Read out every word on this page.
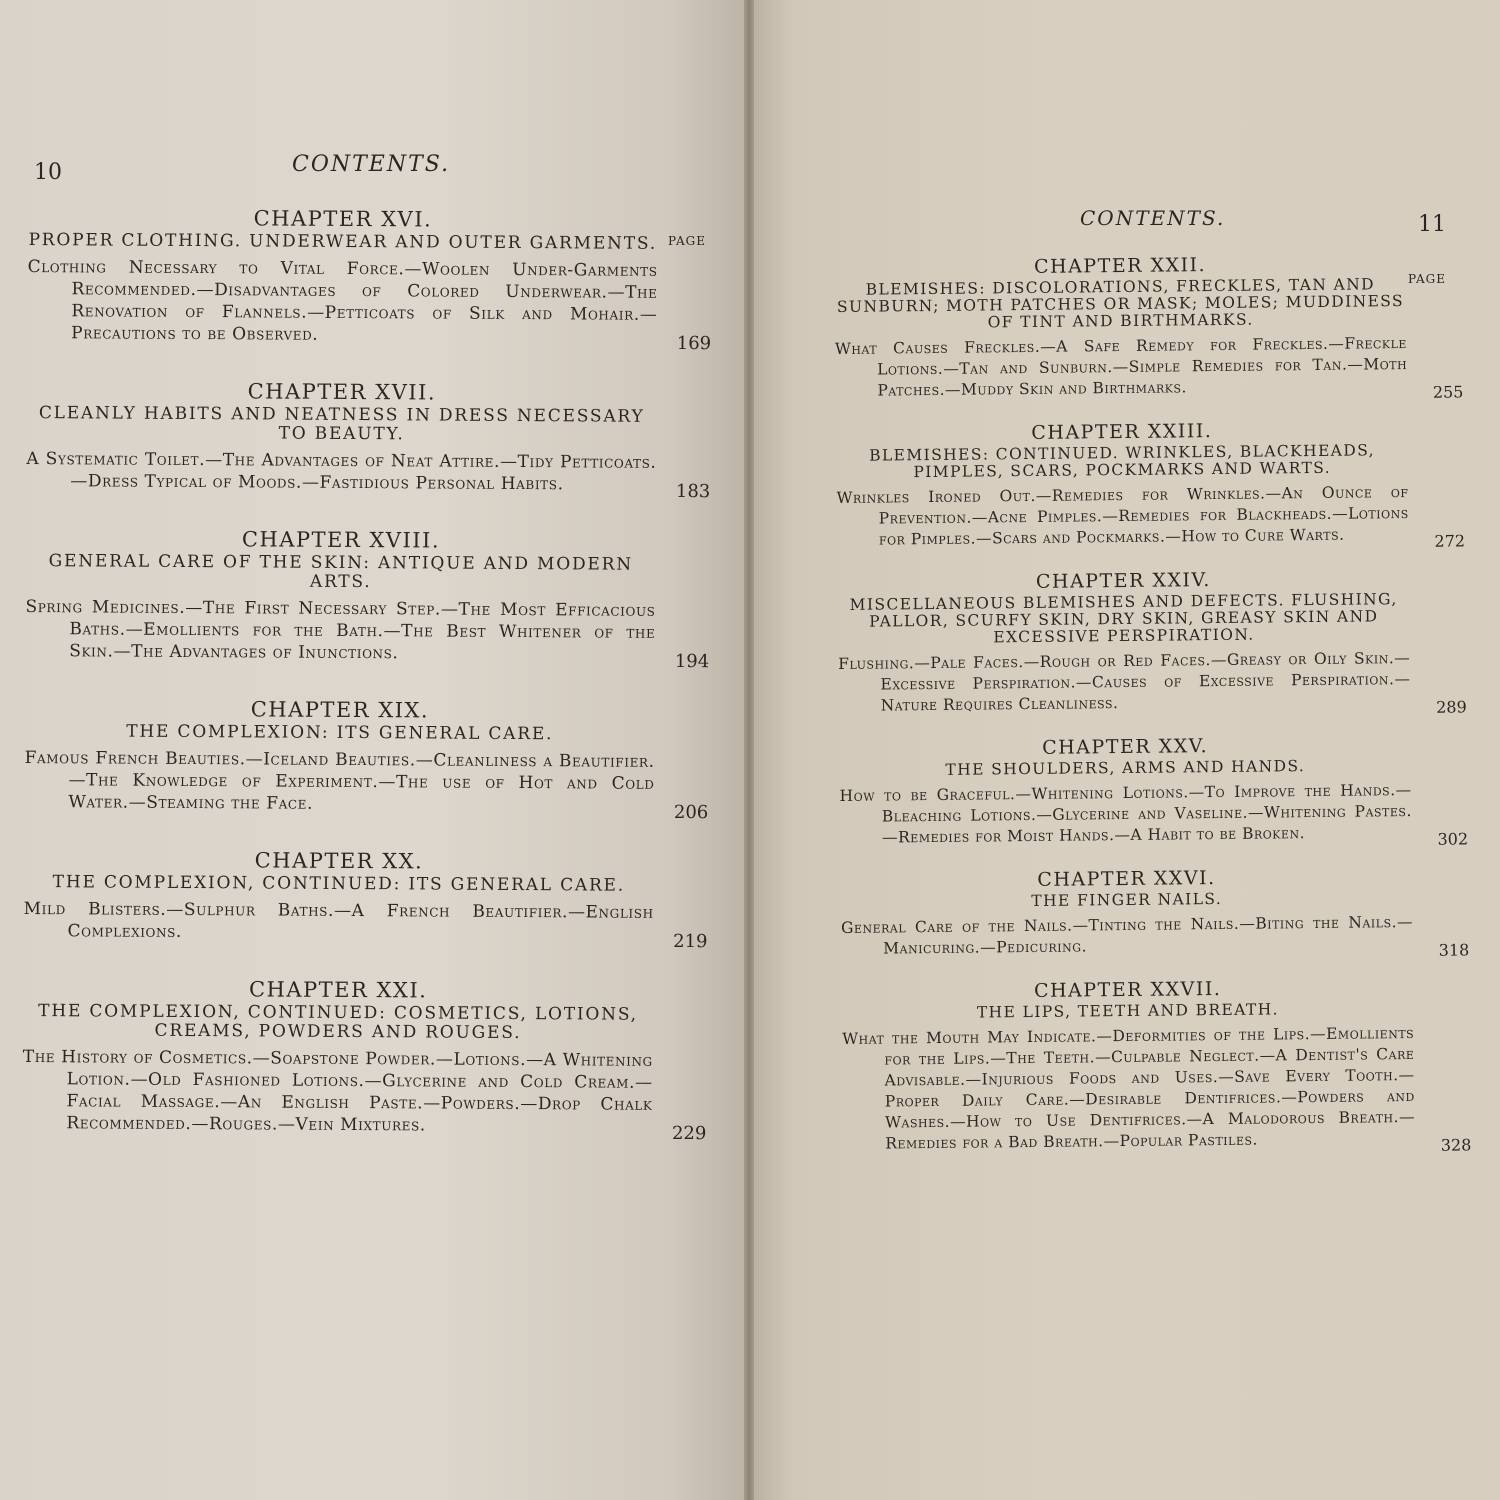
10	CONTENTS.
PAGE

CHAPTER XVI.

PROPER CLOTHING. UNDERWEAR AND OUTER GARMENTS.
Clothing Necessary to Vital Force.—Woolen Under-Garments Recommended.—Disadvantages of Colored Underwear.—The Renovation of Flannels.—Petticoats of Silk and Mohair.—Precautions to be Observed.	169

CHAPTER XVII.

CLEANLY HABITS AND NEATNESS IN DRESS NECESSARY TO BEAUTY.
A Systematic Toilet.—The Advantages of Neat Attire.—Tidy Petticoats.—Dress Typical of Moods.—Fastidious Personal Habits.	183

CHAPTER XVIII.

GENERAL CARE OF THE SKIN: ANTIQUE AND MODERN ARTS.
Spring Medicines.—The First Necessary Step.—The Most Efficacious Baths.—Emollients for the Bath.—The Best Whitener of the Skin.—The Advantages of Inunctions.	194

CHAPTER XIX.

THE COMPLEXION: ITS GENERAL CARE.
Famous French Beauties.—Iceland Beauties.—Cleanliness a Beautifier.—The Knowledge of Experiment.—The use of Hot and Cold Water.—Steaming the Face.	206

CHAPTER XX.

THE COMPLEXION, CONTINUED: ITS GENERAL CARE.
Mild Blisters.—Sulphur Baths.—A French Beautifier.—English Complexions.	219

CHAPTER XXI.

THE COMPLEXION, CONTINUED: COSMETICS, LOTIONS, CREAMS, POWDERS AND ROUGES.
The History of Cosmetics.—Soapstone Powder.—Lotions.—A Whitening Lotion.—Old Fashioned Lotions.—Glycerine and Cold Cream.—Facial Massage.—An English Paste.—Powders.—Drop Chalk Recommended.—Rouges.—Vein Mixtures.	229
CONTENTS.	11
PAGE

CHAPTER XXII.

BLEMISHES: DISCOLORATIONS, FRECKLES, TAN AND SUNBURN; MOTH PATCHES OR MASK; MOLES; MUDDINESS OF TINT AND BIRTHMARKS.
What Causes Freckles.—A Safe Remedy for Freckles.—Freckle Lotions.—Tan and Sunburn.—Simple Remedies for Tan.—Moth Patches.—Muddy Skin and Birthmarks.	255

CHAPTER XXIII.

BLEMISHES: CONTINUED. WRINKLES, BLACKHEADS, PIMPLES, SCARS, POCKMARKS AND WARTS.
Wrinkles Ironed Out.—Remedies for Wrinkles.—An Ounce of Prevention.—Acne Pimples.—Remedies for Blackheads.—Lotions for Pimples.—Scars and Pockmarks.—How to Cure Warts.	272

CHAPTER XXIV.

MISCELLANEOUS BLEMISHES AND DEFECTS. FLUSHING, PALLOR, SCURFY SKIN, DRY SKIN, GREASY SKIN AND EXCESSIVE PERSPIRATION.
Flushing.—Pale Faces.—Rough or Red Faces.—Greasy or Oily Skin.—Excessive Perspiration.—Causes of Excessive Perspiration.—Nature Requires Cleanliness.	289

CHAPTER XXV.

THE SHOULDERS, ARMS AND HANDS.
How to be Graceful.—Whitening Lotions.—To Improve the Hands.—Bleaching Lotions.—Glycerine and Vaseline.—Whitening Pastes.—Remedies for Moist Hands.—A Habit to be Broken.	302

CHAPTER XXVI.

THE FINGER NAILS.
General Care of the Nails.—Tinting the Nails.—Biting the Nails.—Manicuring.—Pedicuring.	318

CHAPTER XXVII.

THE LIPS, TEETH AND BREATH.
What the Mouth May Indicate.—Deformities of the Lips.—Emollients for the Lips.—The Teeth.—Culpable Neglect.—A Dentist's Care Advisable.—Injurious Foods and Uses.—Save Every Tooth.—Proper Daily Care.—Desirable Dentifrices.—Powders and Washes.—How to Use Dentifrices.—A Malodorous Breath.—Remedies for a Bad Breath.—Popular Pastiles.	328
